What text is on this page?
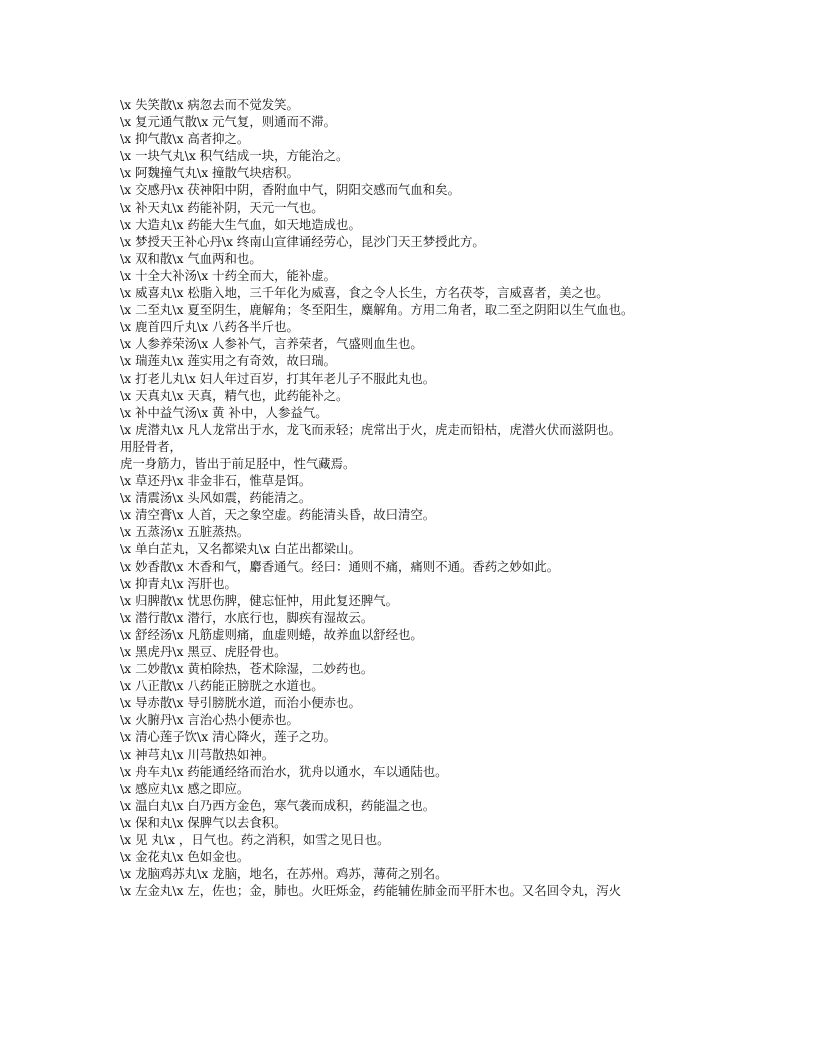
\x 失笑散\x 病忽去而不觉发笑。
\x 复元通气散\x 元气复，则通而不滞。
\x 抑气散\x 高者抑之。
\x 一块气丸\x 积气结成一块，方能治之。
\x 阿魏撞气丸\x 撞散气块痞积。
\x 交感丹\x 茯神阳中阴，香附血中气，阴阳交感而气血和矣。
\x 补天丸\x 药能补阴，天元一气也。
\x 大造丸\x 药能大生气血，如天地造成也。
\x 梦授天王补心丹\x 终南山宣律诵经劳心，昆沙门天王梦授此方。
\x 双和散\x 气血两和也。
\x 十全大补汤\x 十药全而大，能补虚。
\x 威喜丸\x 松脂入地，三千年化为威喜，食之令人长生，方名茯苓，言威喜者，美之也。
\x 二至丸\x 夏至阴生，鹿解角；冬至阳生，麋解角。方用二角者，取二至之阴阳以生气血也。
\x 鹿首四斤丸\x 八药各半斤也。
\x 人参养荣汤\x 人参补气，言养荣者，气盛则血生也。
\x 瑞莲丸\x 莲实用之有奇效，故曰瑞。
\x 打老儿丸\x 妇人年过百岁，打其年老儿子不服此丸也。
\x 天真丸\x 天真，精气也，此药能补之。
\x 补中益气汤\x 黄 补中，人参益气。
\x 虎潜丸\x 凡人龙常出于水，龙飞而汞轻；虎常出于火，虎走而铅枯，虎潜火伏而滋阴也。
用胫骨者，
虎一身筋力，皆出于前足胫中，性气藏焉。
\x 草还丹\x 非金非石，惟草是饵。
\x 清震汤\x 头风如震，药能清之。
\x 清空膏\x 人首，天之象空虚。药能清头昏，故曰清空。
\x 五蒸汤\x 五脏蒸热。
\x 单白芷丸，又名都梁丸\x 白芷出都梁山。
\x 妙香散\x 木香和气，麝香通气。经曰：通则不痛，痛则不通。香药之妙如此。
\x 抑青丸\x 泻肝也。
\x 归脾散\x 忧思伤脾，健忘怔忡，用此复还脾气。
\x 潜行散\x 潜行，水底行也，脚疾有湿故云。
\x 舒经汤\x 凡筋虚则痛，血虚则蜷，故养血以舒经也。
\x 黑虎丹\x 黑豆、虎胫骨也。
\x 二妙散\x 黄柏除热，苍术除湿，二妙药也。
\x 八正散\x 八药能正膀胱之水道也。
\x 导赤散\x 导引膀胱水道，而治小便赤也。
\x 火腑丹\x 言治心热小便赤也。
\x 清心莲子饮\x 清心降火，莲子之功。
\x 神芎丸\x 川芎散热如神。
\x 舟车丸\x 药能通经络而治水，犹舟以通水，车以通陆也。
\x 感应丸\x 感之即应。
\x 温白丸\x 白乃西方金色，寒气袭而成积，药能温之也。
\x 保和丸\x 保脾气以去食积。
\x 见 丸\x ，日气也。药之消积，如雪之见日也。
\x 金花丸\x 色如金也。
\x 龙脑鸡苏丸\x 龙脑，地名，在苏州。鸡苏，薄荷之别名。
\x 左金丸\x 左，佐也；金，肺也。火旺烁金，药能辅佐肺金而平肝木也。又名回令丸，泻火
